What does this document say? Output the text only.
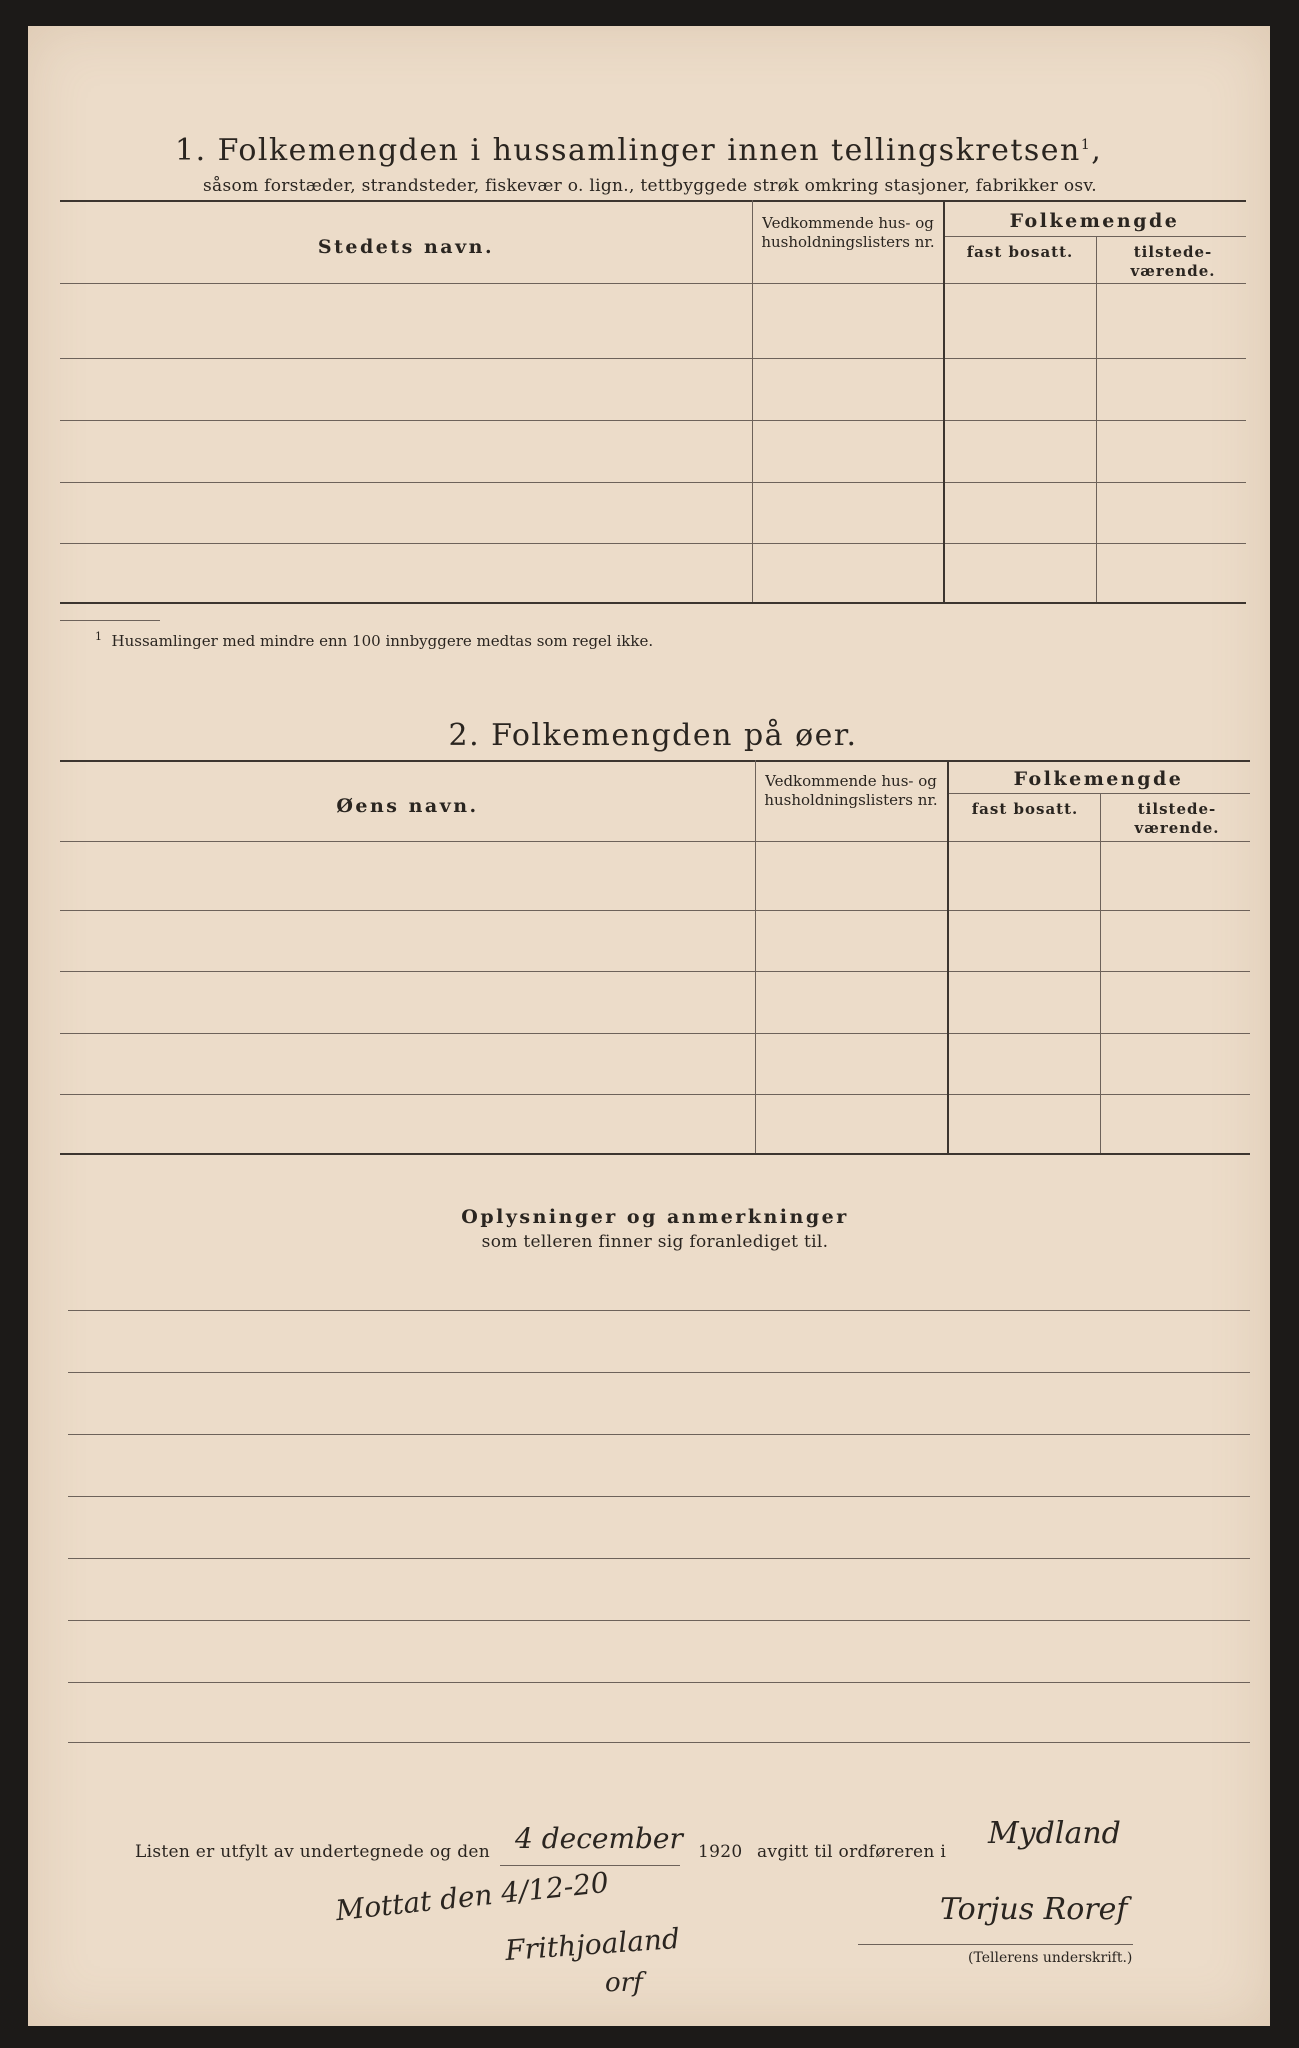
1. Folkemengden i hussamlinger innen tellingskretsen$^1$,
såsom forstæder, strandsteder, fiskevær o. lign., tettbyggede strøk omkring stasjoner, fabrikker osv.
Stedets navn.
Vedkommende hus- og husholdningslisters nr.
Folkemengde
fast bosatt.	tilstede- værende.
$^1$ Hussamlinger med mindre enn 100 innbyggere medtas som regel ikke.
2. Folkemengden på øer.
Øens navn.
Vedkommende hus- og husholdningslisters nr.
Folkemengde
fast bosatt.	tilstede- værende.
Oplysninger og anmerkninger
som telleren finner sig foranlediget til.
Listen er utfylt av undertegnede og den 4 december 1920 avgitt til ordføreren i
Mydland
Torjus Roref
(Tellerens underskrift.)
Mottat den 4/12-20
Frithjoaland
orf
